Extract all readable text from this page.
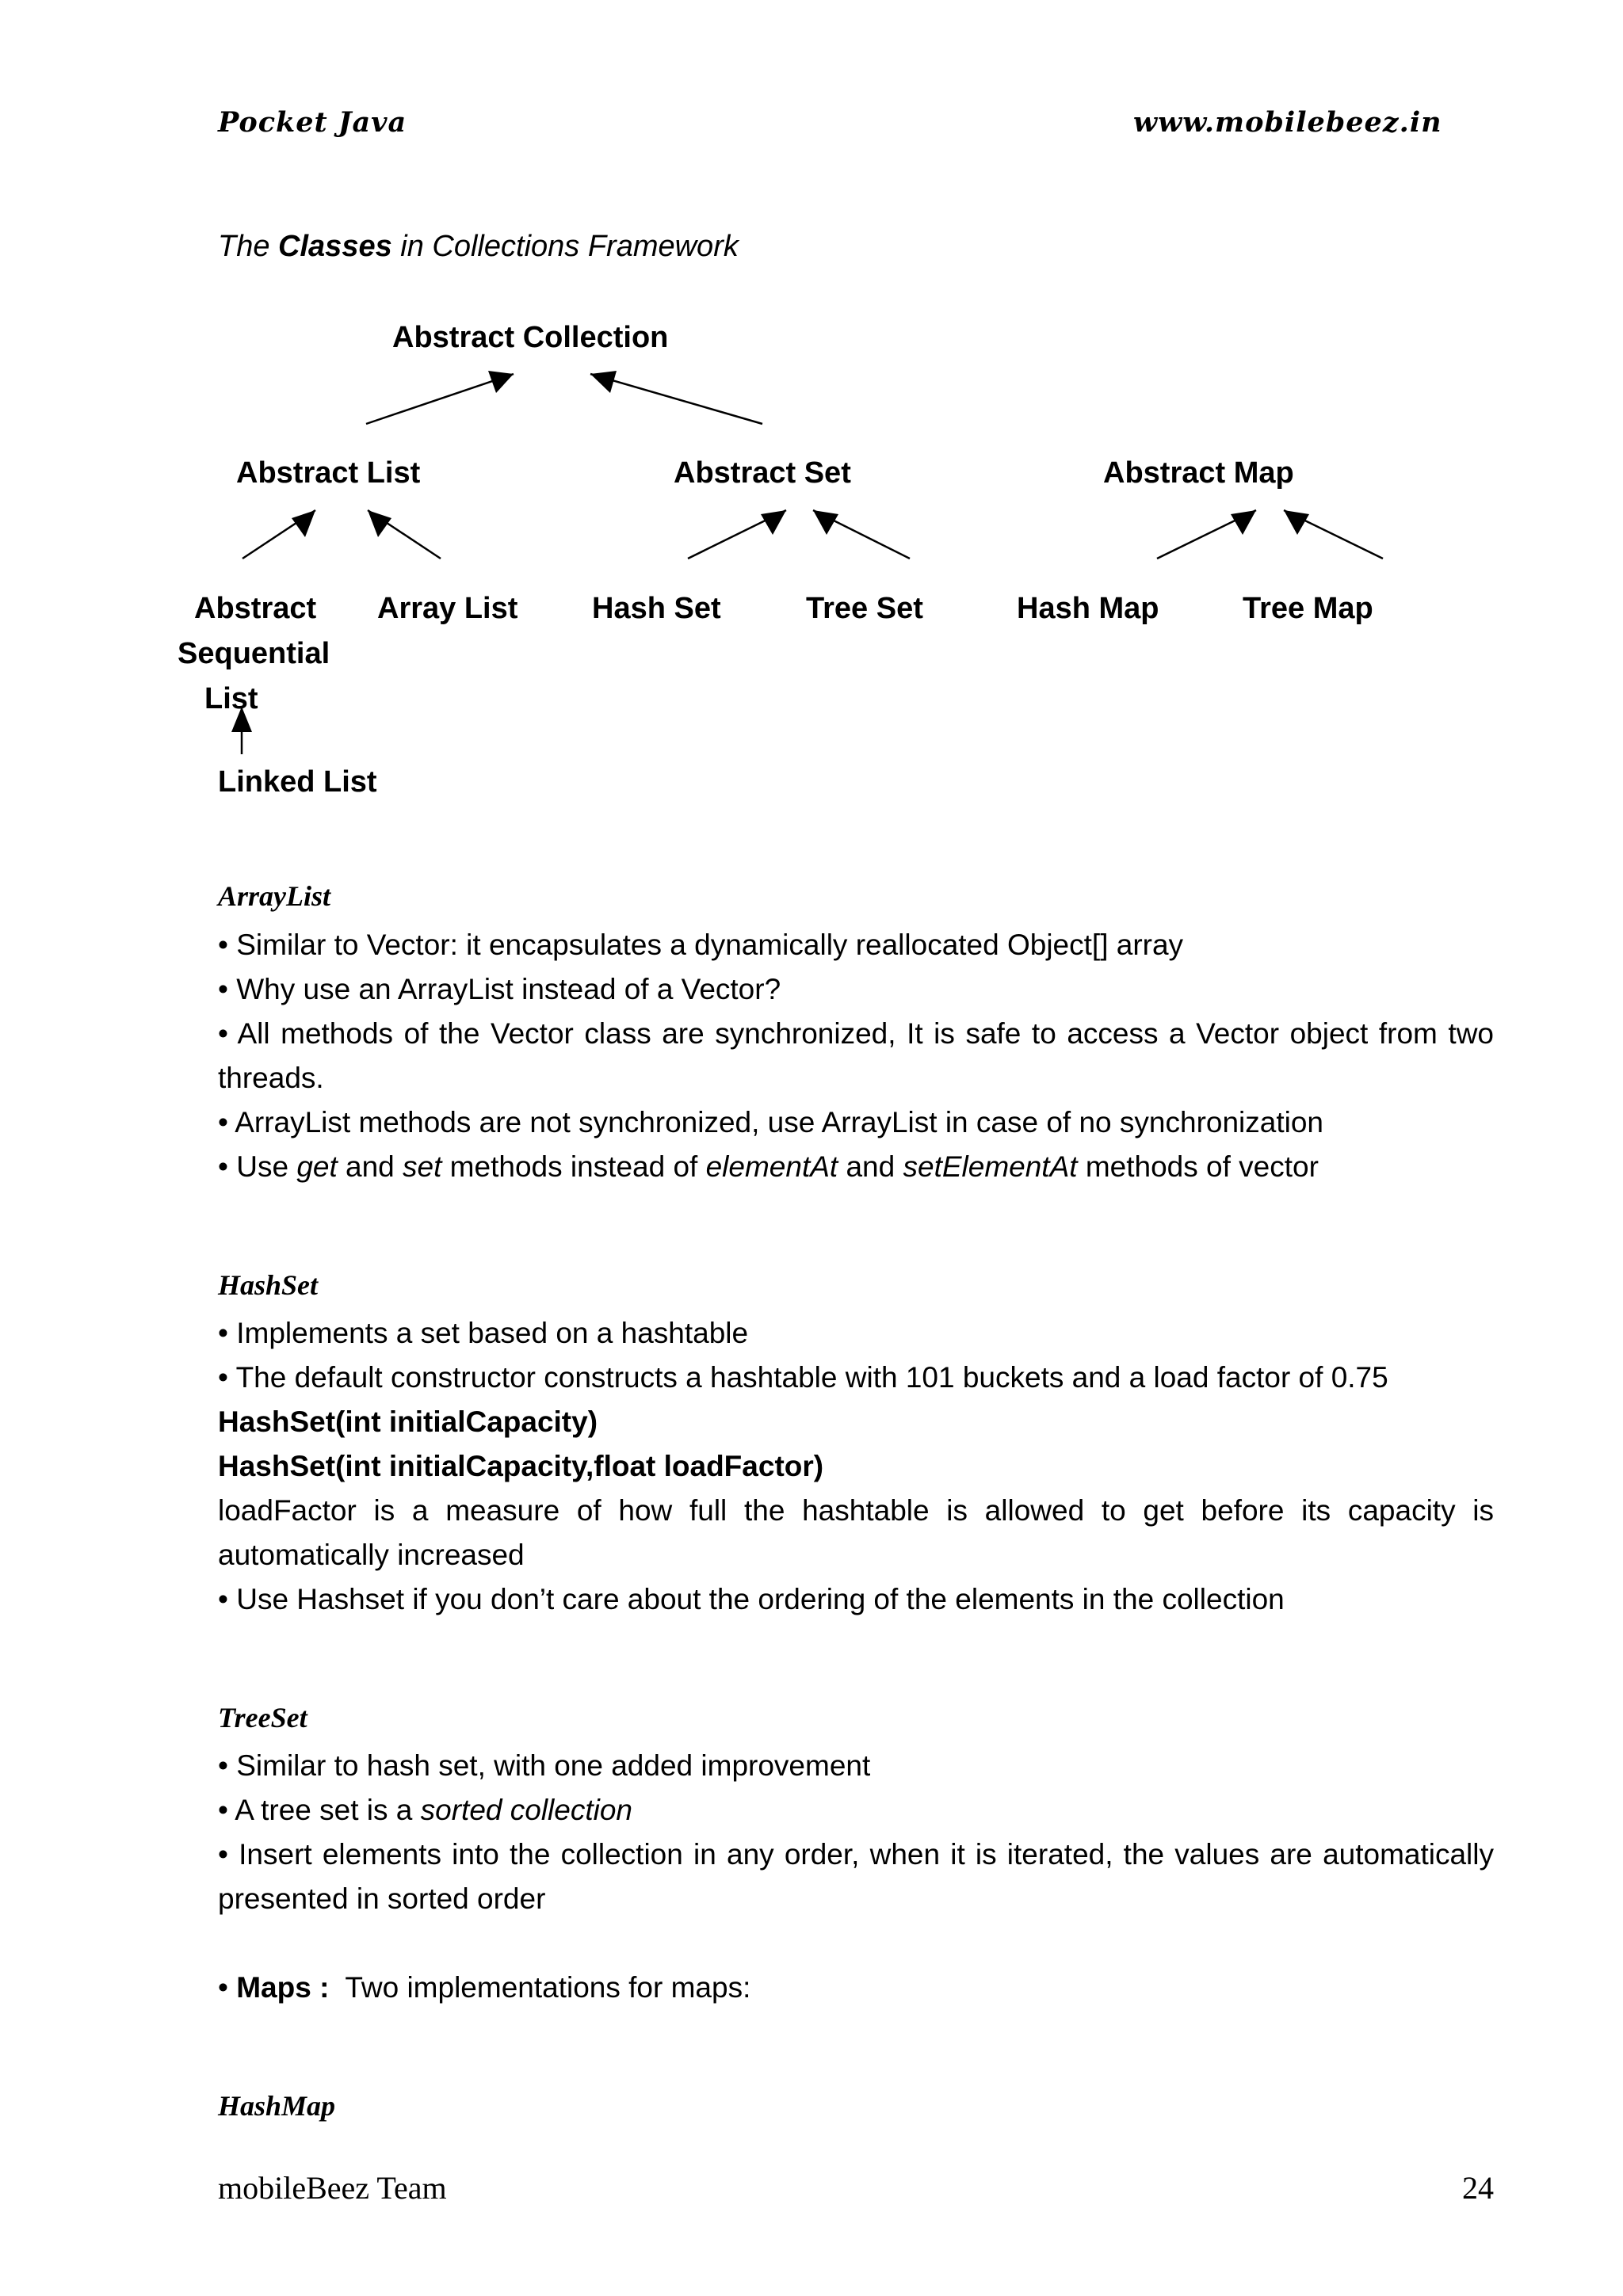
Pocket Java	www.mobilebeez.in
The Classes in Collections Framework
Abstract Collection
Abstract List	Abstract Set	Abstract Map
Abstract
Sequential
List
Array List Hash Set	Tree Set	Hash Map	Tree Map
Linked List
ArrayList
• Similar to Vector: it encapsulates a dynamically reallocated Object[] array
• Why use an ArrayList instead of a Vector?
• All methods of the Vector class are synchronized, It is safe to access a Vector object from two
threads.
• ArrayList methods are not synchronized, use ArrayList in case of no synchronization
• Use get and set methods instead of elementAt and setElementAt methods of vector
HashSet
• Implements a set based on a hashtable
• The default constructor constructs a hashtable with 101 buckets and a load factor of 0.75
HashSet(int initialCapacity)
HashSet(int initialCapacity,float loadFactor)
loadFactor is a measure of how full the hashtable is allowed to get before its capacity is
automatically increased
• Use Hashset if you don’t care about the ordering of the elements in the collection
TreeSet
• Similar to hash set, with one added improvement
• A tree set is a sorted collection
• Insert elements into the collection in any order, when it is iterated, the values are automatically
presented in sorted order
• Maps :  Two implementations for maps:
HashMap
mobileBeez Team	24
